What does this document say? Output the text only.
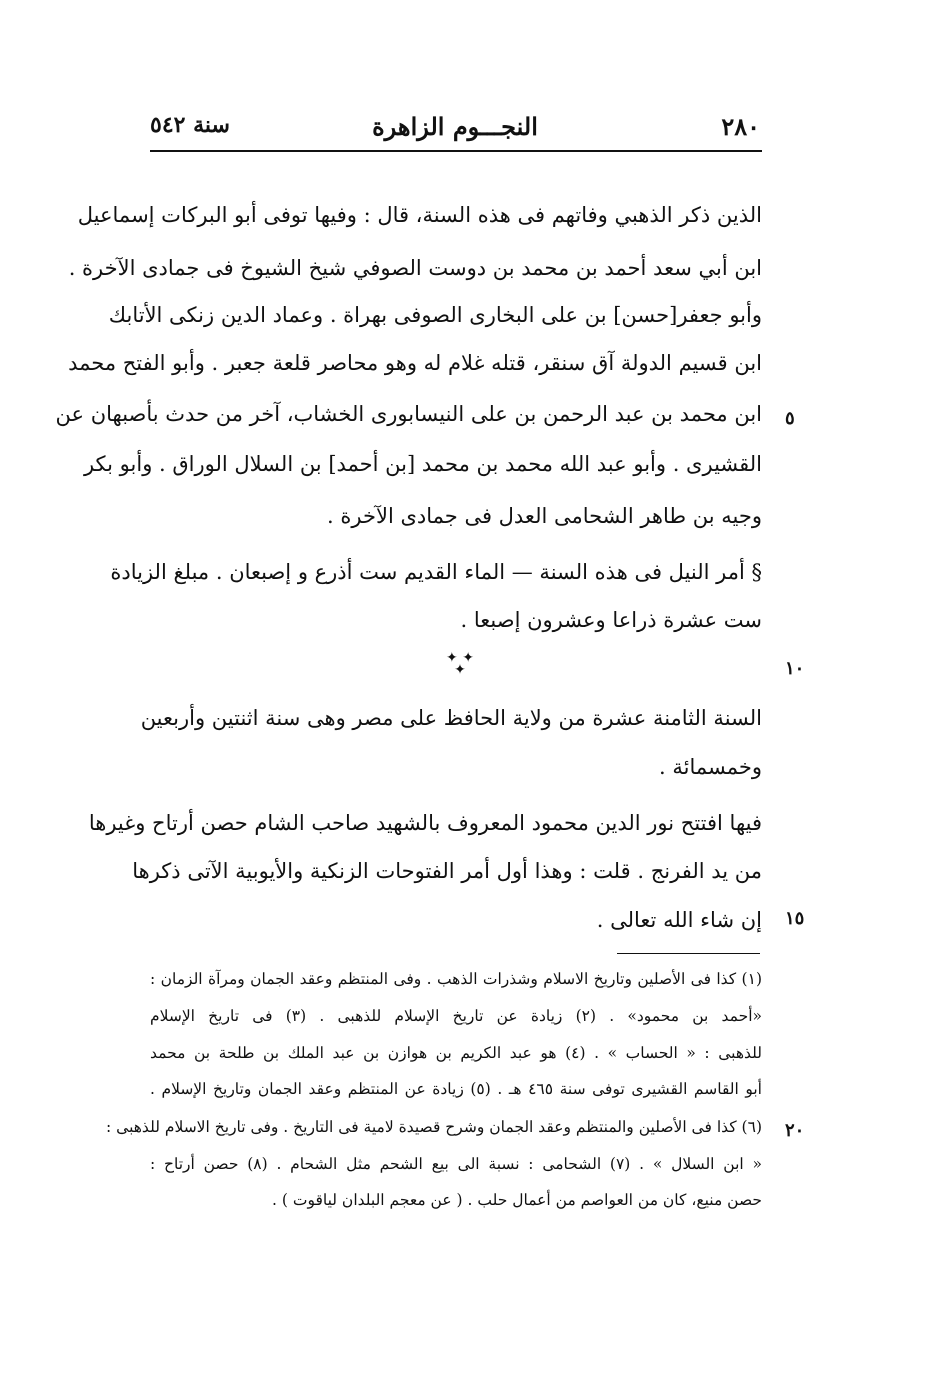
٢٨٠
النجـــوم الزاهرة
سنة ٥٤٢
الذين ذكر الذهبي وفاتهم فى هذه السنة، قال : وفيها توفى أبو البركات إسماعيل
ابن أبي سعد أحمد بن محمد بن دوست الصوفي شيخ الشيوخ فى جمادى الآخرة .
وأبو جعفر[حسن] بن على البخارى الصوفى بهراة . وعماد الدين زنكى الأتابك
ابن قسيم الدولة آق سنقر، قتله غلام له وهو محاصر قلعة جعبر . وأبو الفتح محمد
ابن محمد بن عبد الرحمن بن على النيسابورى الخشاب، آخر من حدث بأصبهان عن
القشيرى . وأبو عبد الله محمد بن محمد [بن أحمد] بن السلال الوراق . وأبو بكر
وجيه بن طاهر الشحامى العدل فى جمادى الآخرة .
§ أمر النيل فى هذه السنة — الماء القديم ست أذرع و إصبعان . مبلغ الزيادة
ست عشرة ذراعا وعشرون إصبعا .
✦ ✦ ✦
السنة الثامنة عشرة من ولاية الحافظ على مصر وهى سنة اثنتين وأربعين
وخمسمائة .
فيها افتتح نور الدين محمود المعروف بالشهيد صاحب الشام حصن أرتاح وغيرها
من يد الفرنج . قلت : وهذا أول أمر الفتوحات الزنكية والأيوبية الآتى ذكرها
إن شاء الله تعالى .
٥
١٠
١٥
٢٠
(١) كذا فى الأصلين وتاريخ الاسلام وشذرات الذهب . وفى المنتظم وعقد الجمان ومرآة الزمان :
«أحمد بن محمود» . (٢) زيادة عن تاريخ الإسلام للذهبى . (٣) فى تاريخ الإسلام
للذهبى : « الحساب » . (٤) هو عبد الكريم بن هوازن بن عبد الملك بن طلحة بن محمد
أبو القاسم القشيرى توفى سنة ٤٦٥ هـ . (٥) زيادة عن المنتظم وعقد الجمان وتاريخ الإسلام .
(٦) كذا فى الأصلين والمنتظم وعقد الجمان وشرح قصيدة لامية فى التاريخ . وفى تاريخ الاسلام للذهبى :
« ابن السلال » . (٧) الشحامى : نسبة الى بيع الشحم مثل الشحام . (٨) حصن أرتاح :
حصن منيع، كان من العواصم من أعمال حلب . ( عن معجم البلدان لياقوت ) .
